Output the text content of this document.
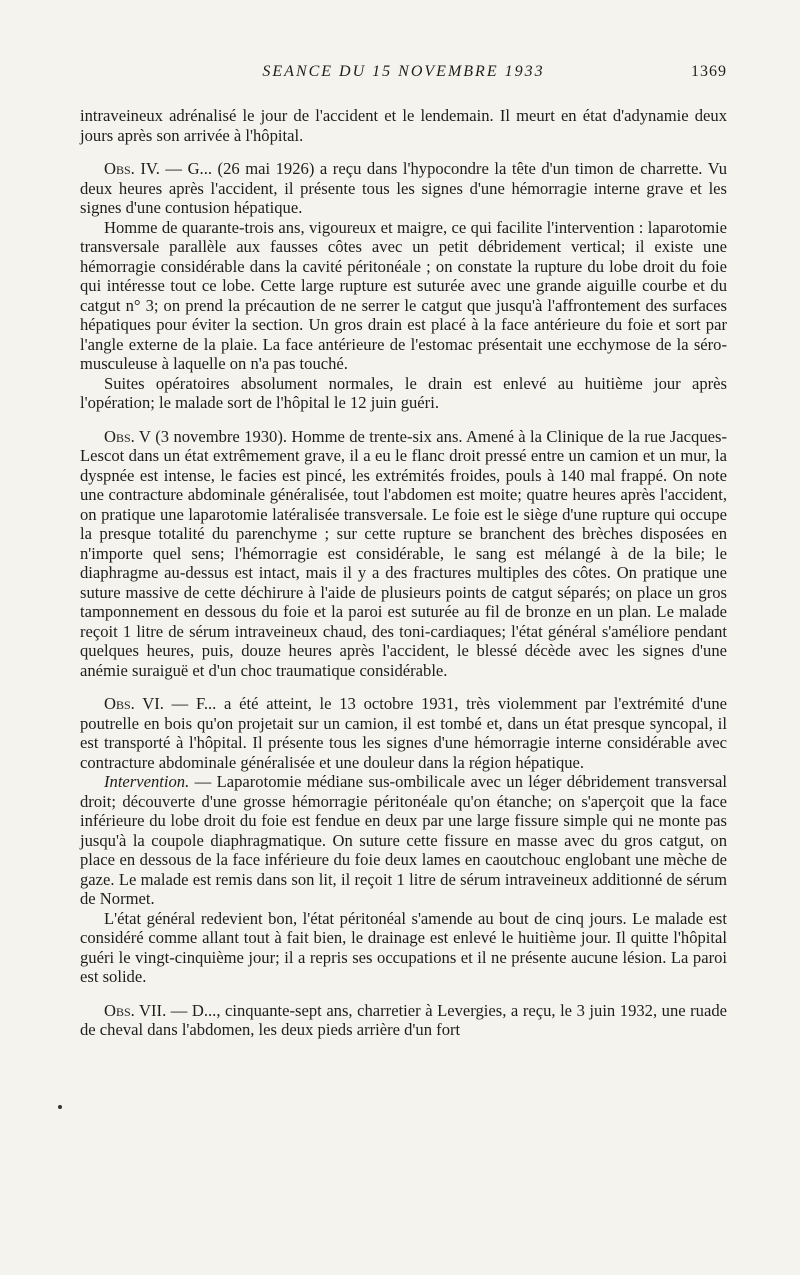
SEANCE DU 15 NOVEMBRE 1933	1369

intraveineux adrénalisé le jour de l'accident et le lendemain. Il meurt en état d'adynamie deux jours après son arrivée à l'hôpital.

Obs. IV. — G... (26 mai 1926) a reçu dans l'hypocondre la tête d'un timon de charrette. Vu deux heures après l'accident, il présente tous les signes d'une hémorragie interne grave et les signes d'une contusion hépatique.

Homme de quarante-trois ans, vigoureux et maigre, ce qui facilite l'intervention : laparotomie transversale parallèle aux fausses côtes avec un petit débridement vertical; il existe une hémorragie considérable dans la cavité péritonéale ; on constate la rupture du lobe droit du foie qui intéresse tout ce lobe. Cette large rupture est suturée avec une grande aiguille courbe et du catgut n° 3; on prend la précaution de ne serrer le catgut que jusqu'à l'affrontement des surfaces hépatiques pour éviter la section. Un gros drain est placé à la face antérieure du foie et sort par l'angle externe de la plaie. La face antérieure de l'estomac présentait une ecchymose de la séro-musculeuse à laquelle on n'a pas touché.

Suites opératoires absolument normales, le drain est enlevé au huitième jour après l'opération; le malade sort de l'hôpital le 12 juin guéri.

Obs. V (3 novembre 1930). Homme de trente-six ans. Amené à la Clinique de la rue Jacques-Lescot dans un état extrêmement grave, il a eu le flanc droit pressé entre un camion et un mur, la dyspnée est intense, le facies est pincé, les extrémités froides, pouls à 140 mal frappé. On note une contracture abdominale généralisée, tout l'abdomen est moite; quatre heures après l'accident, on pratique une laparotomie latéralisée transversale. Le foie est le siège d'une rupture qui occupe la presque totalité du parenchyme ; sur cette rupture se branchent des brèches disposées en n'importe quel sens; l'hémorragie est considérable, le sang est mélangé à de la bile; le diaphragme au-dessus est intact, mais il y a des fractures multiples des côtes. On pratique une suture massive de cette déchirure à l'aide de plusieurs points de catgut séparés; on place un gros tamponnement en dessous du foie et la paroi est suturée au fil de bronze en un plan. Le malade reçoit 1 litre de sérum intraveineux chaud, des toni-cardiaques; l'état général s'améliore pendant quelques heures, puis, douze heures après l'accident, le blessé décède avec les signes d'une anémie suraiguë et d'un choc traumatique considérable.

Obs. VI. — F... a été atteint, le 13 octobre 1931, très violemment par l'extrémité d'une poutrelle en bois qu'on projetait sur un camion, il est tombé et, dans un état presque syncopal, il est transporté à l'hôpital. Il présente tous les signes d'une hémorragie interne considérable avec contracture abdominale généralisée et une douleur dans la région hépatique.

Intervention. — Laparotomie médiane sus-ombilicale avec un léger débridement transversal droit; découverte d'une grosse hémorragie péritonéale qu'on étanche; on s'aperçoit que la face inférieure du lobe droit du foie est fendue en deux par une large fissure simple qui ne monte pas jusqu'à la coupole diaphragmatique. On suture cette fissure en masse avec du gros catgut, on place en dessous de la face inférieure du foie deux lames en caoutchouc englobant une mèche de gaze. Le malade est remis dans son lit, il reçoit 1 litre de sérum intraveineux additionné de sérum de Normet.

L'état général redevient bon, l'état péritonéal s'amende au bout de cinq jours. Le malade est considéré comme allant tout à fait bien, le drainage est enlevé le huitième jour. Il quitte l'hôpital guéri le vingt-cinquième jour; il a repris ses occupations et il ne présente aucune lésion. La paroi est solide.

Obs. VII. — D..., cinquante-sept ans, charretier à Levergies, a reçu, le 3 juin 1932, une ruade de cheval dans l'abdomen, les deux pieds arrière d'un fort
